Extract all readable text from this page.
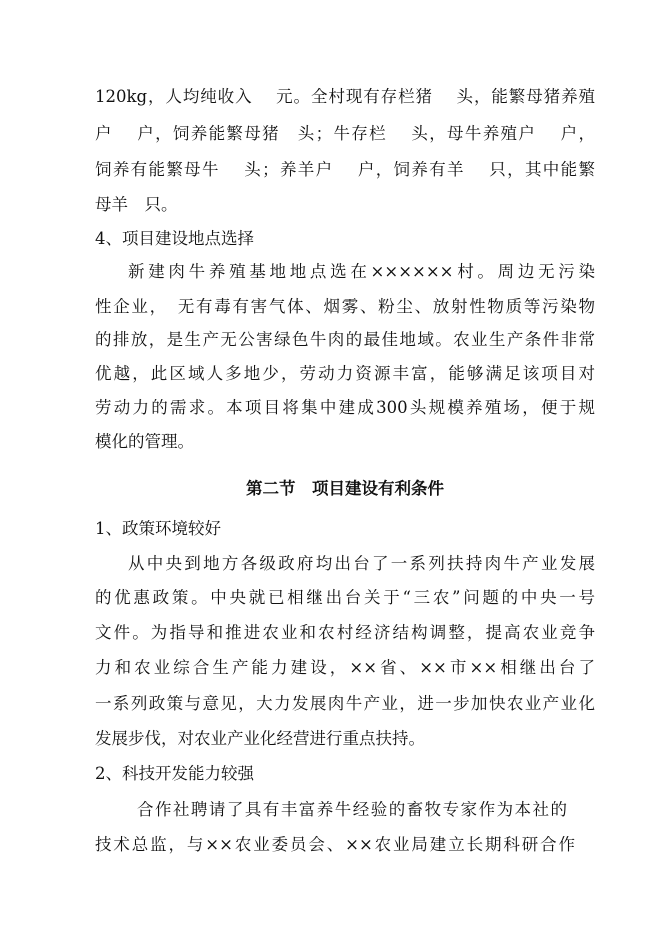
120kg，人均纯收入　 元。全村现有存栏猪　 头，能繁母猪养殖
户　 户，饲养能繁母猪　头；牛存栏　 头，母牛养殖户　 户，
饲养有能繁母牛　 头；养羊户　 户，饲养有羊　 只，其中能繁
母羊　只。
4、项目建设地点选择
新建肉牛养殖基地地点选在××××××村。周边无污染
性企业，　无有毒有害气体、烟雾、粉尘、放射性物质等污染物
的排放，是生产无公害绿色牛肉的最佳地域。农业生产条件非常
优越，此区域人多地少，劳动力资源丰富，能够满足该项目对
劳动力的需求。本项目将集中建成300头规模养殖场，便于规
模化的管理。
第二节　项目建设有利条件
1、政策环境较好
从中央到地方各级政府均出台了一系列扶持肉牛产业发展
的优惠政策。中央就已相继出台关于“三农”问题的中央一号
文件。为指导和推进农业和农村经济结构调整，提高农业竞争
力和农业综合生产能力建设，××省、××市××相继出台了
一系列政策与意见，大力发展肉牛产业，进一步加快农业产业化
发展步伐，对农业产业化经营进行重点扶持。
2、科技开发能力较强
合作社聘请了具有丰富养牛经验的畜牧专家作为本社的
技术总监，与××农业委员会、××农业局建立长期科研合作
